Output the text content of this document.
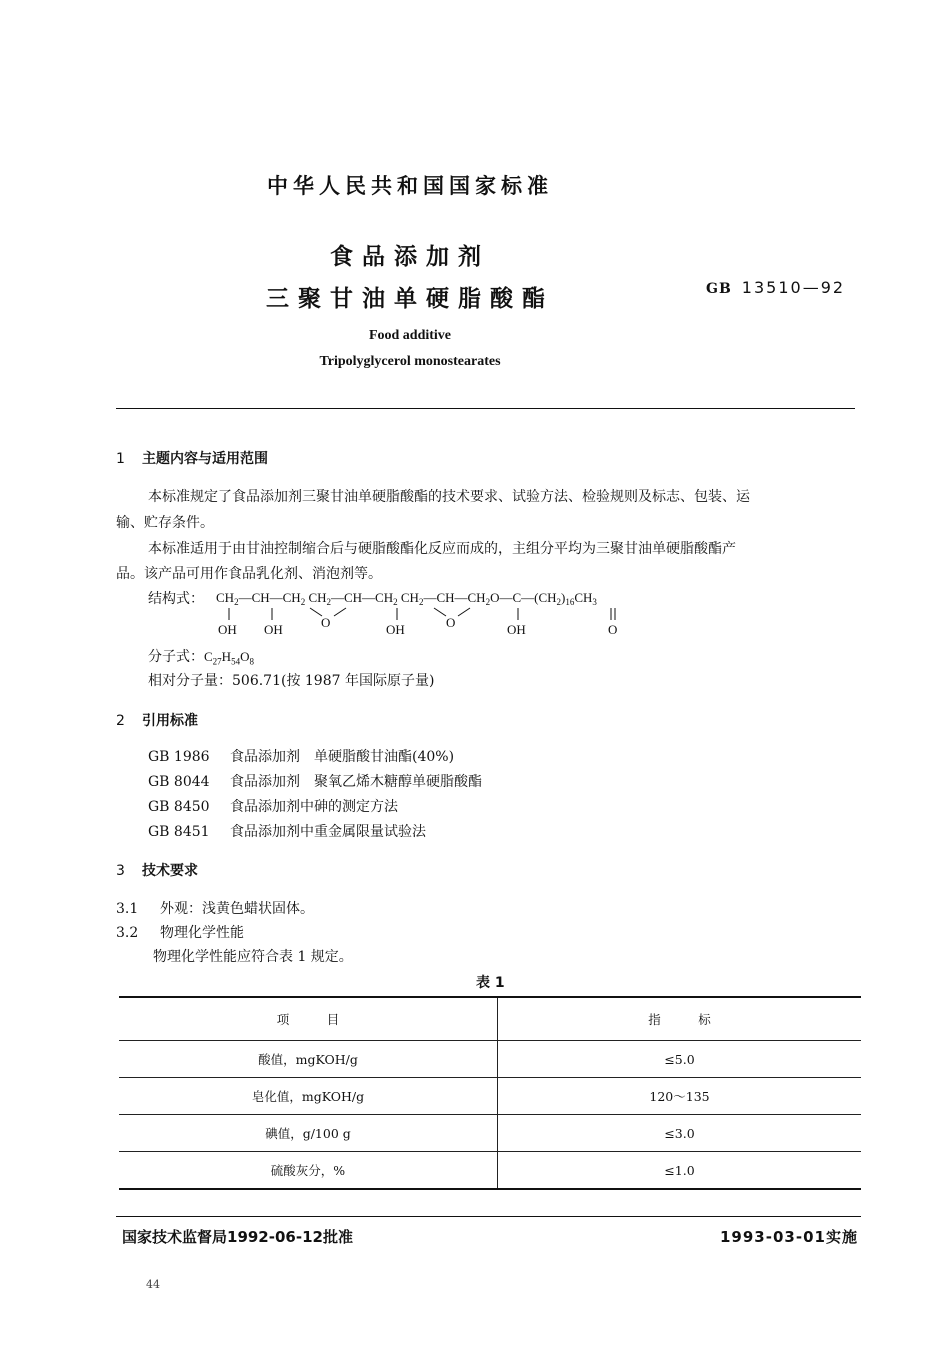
中华人民共和国国家标准
食品添加剂
三聚甘油单硬脂酸酯	GB 13510—92
Food additive
Tripolyglycerol monostearates
1 主题内容与适用范围
本标准规定了食品添加剂三聚甘油单硬脂酸酯的技术要求、试验方法、检验规则及标志、包装、运
输、贮存条件。
本标准适用于由甘油控制缩合后与硬脂酸酯化反应而成的，主组分平均为三聚甘油单硬脂酸酯产
品。该产品可用作食品乳化剂、消泡剂等。
结构式： $CH_2—CH—CH_2$ $CH_2—CH—CH_2$ $CH_2—CH—CH_2O—C—(CH_2)_{16}CH_3$
OH OH	O	OH	O	OH	O
分子式：$C_{27}H_{54}O_8$
相对分子量：506.71(按 1987 年国际原子量)
2 引用标准
GB 1986 食品添加剂　单硬脂酸甘油酯(40%)
GB 8044 食品添加剂　聚氧乙烯木糖醇单硬脂酸酯
GB 8450 食品添加剂中砷的测定方法
GB 8451 食品添加剂中重金属限量试验法
3 技术要求
3.1 外观：浅黄色蜡状固体。
3.2 物理化学性能
物理化学性能应符合表 1 规定。
表 1
项　　　目	指　　　标
酸值，mgKOH/g	≤5.0
皂化值，mgKOH/g	120～135
碘值，g/100 g	≤3.0
硫酸灰分，%	≤1.0
国家技术监督局1992-06-12批准	1993-03-01实施
44
